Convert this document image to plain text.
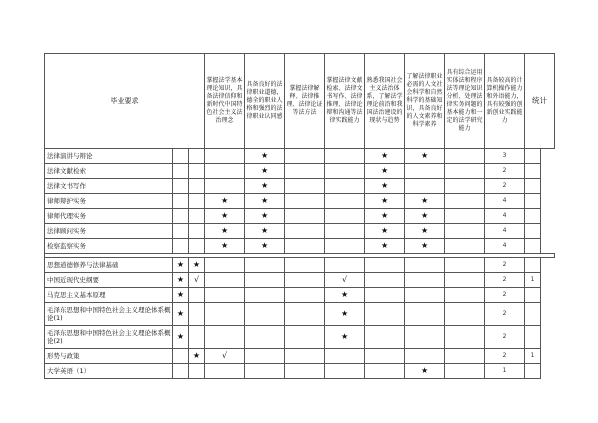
毕业要求			掌握法学基本理论知识，具备法律信仰和新时代中国特色社会主义法治理念	具备良好的法律职业道德，德全的职业人格和强烈的法律职业认同感	掌握法律解释、法律推理、法律论证等法方法	掌握法律文献检索、法律文书写作、法律推理、法律论辩和沟通等法律实践能力	熟悉我国社会主义法治体系，了解法学理论前沿和我国法治建设的现状与趋势	了解法律职业必需的人文社会科学和自然科学的基础知识，具备良好的人文素养和科学素养	具有综合运用实体法和程序法等理论知识分析、处理法律实务问题的基本能力和一定的法学研究能力	具备较高的计算机操作能力和外语能力，具有较强的创新创业实践能力	统计
法律演讲与辩论				★			★	★		3	
法律文献检索				★			★			2	
法律文书写作				★			★			2	
律师辩护实务			★	★			★	★		4	
律师代理实务			★	★			★	★		4	
法律顾问实务			★	★			★	★		4	
检察监察实务			★	★			★	★		4	

思想道德修养与法律基础	★	★								2	
中国近现代史纲要	★	√				√				2	1
马克思主义基本原理	★					★				2	
毛泽东思想和中国特色社会主义理论体系概论(1)	★					★				2	
毛泽东思想和中国特色社会主义理论体系概论(2)	★					★				2	
形势与政策		★	√							2	1
大学英语（1）								★		1	
